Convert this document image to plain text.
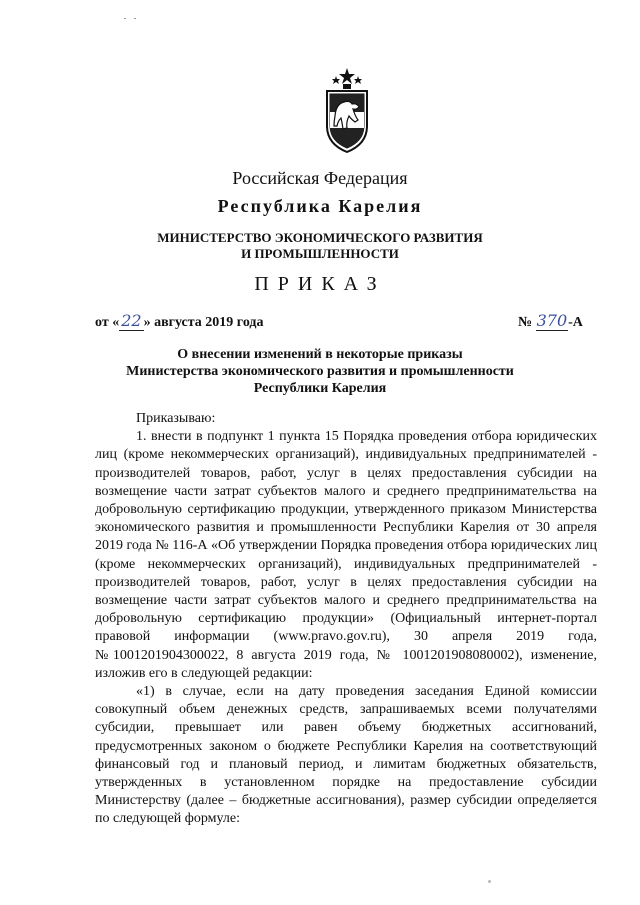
Российская Федерация
Республика Карелия
МИНИСТЕРСТВО ЭКОНОМИЧЕСКОГО РАЗВИТИЯ
И ПРОМЫШЛЕННОСТИ
ПРИКАЗ
от « 22 » августа 2019 года	№ 370-А
О внесении изменений в некоторые приказы
Министерства экономического развития и промышленности
Республики Карелия

Приказываю:

1. внести в подпункт 1 пункта 15 Порядка проведения отбора юридических лиц (кроме некоммерческих организаций), индивидуальных предпринимателей - производителей товаров, работ, услуг в целях предоставления субсидии на возмещение части затрат субъектов малого и среднего предпринимательства на добровольную сертификацию продукции, утвержденного приказом Министерства экономического развития и промышленности Республики Карелия от 30 апреля 2019 года № 116-А «Об утверждении Порядка проведения отбора юридических лиц (кроме некоммерческих организаций), индивидуальных предпринимателей - производителей товаров, работ, услуг в целях предоставления субсидии на возмещение части затрат субъектов малого и среднего предпринимательства на добровольную сертификацию продукции» (Официальный интернет-портал правовой информации (www.pravo.gov.ru), 30 апреля 2019 года, №1001201904300022, 8 августа 2019 года, № 1001201908080002), изменение, изложив его в следующей редакции:

«1) в случае, если на дату проведения заседания Единой комиссии совокупный объем денежных средств, запрашиваемых всеми получателями субсидии, превышает или равен объему бюджетных ассигнований, предусмотренных законом о бюджете Республики Карелия на соответствующий финансовый год и плановый период, и лимитам бюджетных обязательств, утвержденных в установленном порядке на предоставление субсидии Министерству (далее – бюджетные ассигнования), размер субсидии определяется по следующей формуле:
